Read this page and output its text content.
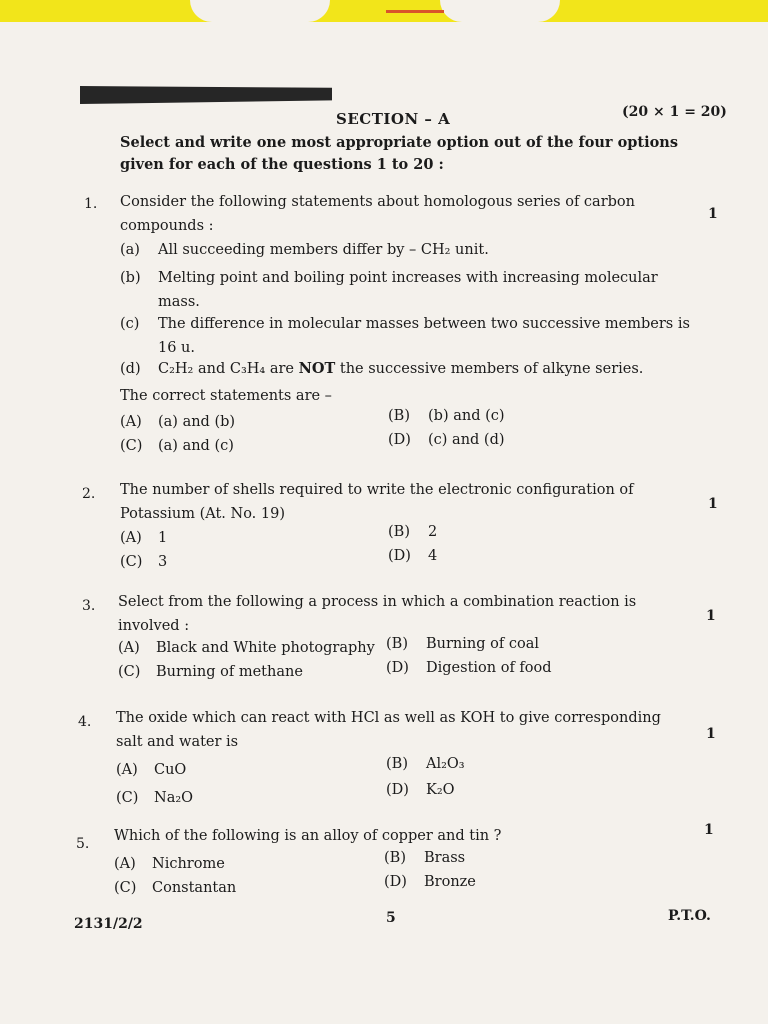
SECTION – A	(20 × 1 = 20)
Select and write one most appropriate option out of the four options given for each of the questions 1 to 20 :
1. Consider the following statements about homologous series of carbon compounds :
1
(a) All succeeding members differ by – CH₂ unit.
(b)	Melting point and boiling point increases with increasing molecular mass.
(c)	The difference in molecular masses between two successive members is 16 u.
(d) C₂H₂ and C₃H₄ are NOT the successive members of alkyne series.
The correct statements are –
(A) (a) and (b)	(B) (b) and (c)
(C) (a) and (c)	(D) (c) and (d)
2. The number of shells required to write the electronic configuration of Potassium (At. No. 19)
1
(A) 1	(B) 2
(C) 3	(D) 4
3. Select from the following a process in which a combination reaction is involved :
1
(A) Black and White photography (B) Burning of coal
(C) Burning of methane	(D) Digestion of food
4. The oxide which can react with HCl as well as KOH to give corresponding salt and water is	1
(A) CuO	(B) Al₂O₃
(C) Na₂O	(D) K₂O
5. Which of the following is an alloy of copper and tin ?	1
(A) Nichrome	(B) Brass
(C) Constantan	(D) Bronze
2131/2/2	5	P.T.O.
